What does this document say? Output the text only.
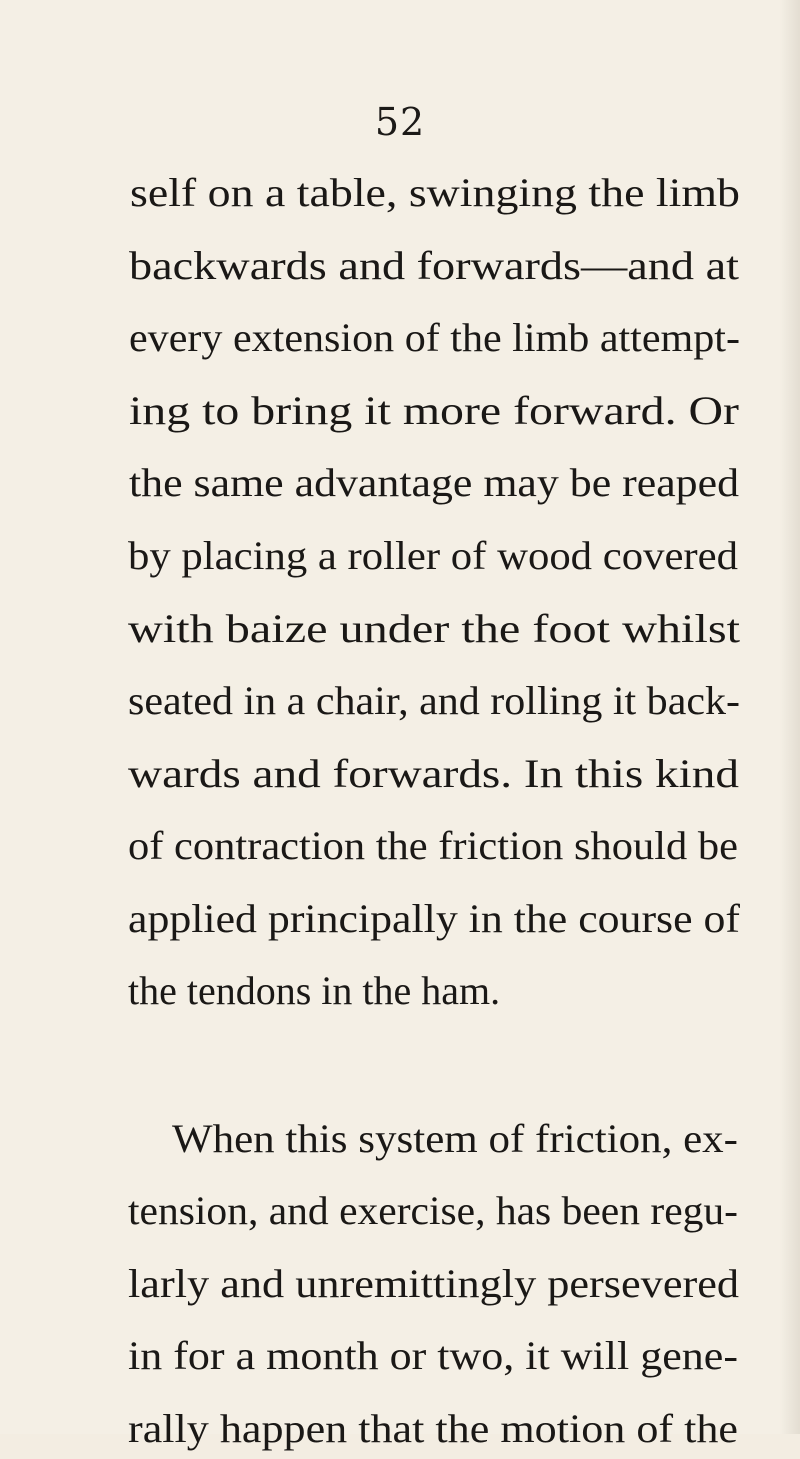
52
self on a table, swinging the limb
backwards and forwards—and at
every extension of the limb attempt-
ing to bring it more forward. Or
the same advantage may be reaped
by placing a roller of wood covered
with baize under the foot whilst
seated in a chair, and rolling it back-
wards and forwards. In this kind
of contraction the friction should be
applied principally in the course of
the tendons in the ham.
When this system of friction, ex-
tension, and exercise, has been regu-
larly and unremittingly persevered
in for a month or two, it will gene-
rally happen that the motion of the
